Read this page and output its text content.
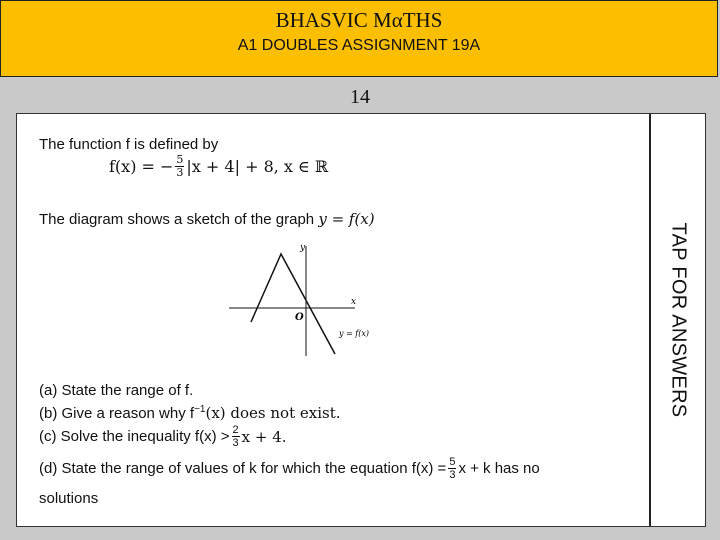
BHASVIC MαTHS
A1 DOUBLES ASSIGNMENT 19A
14
The function f is defined by
f(x) = − $\frac{5}{3} |x + 4| + 8$, x ∈ ℝ
The diagram shows a sketch of the graph y = f(x)
y
x
O
y = f(x)
(a) State the range of f.
(b) Give a reason why $f^{-1}(x)$ does not exist.
(c) Solve the inequality $f(x) > \frac{2}{3}$ x + 4.
(d) State the range of values of k for which the equation $f(x) = \frac{5}{3}$ x + k has no
solutions
TAP FOR ANSWERS
